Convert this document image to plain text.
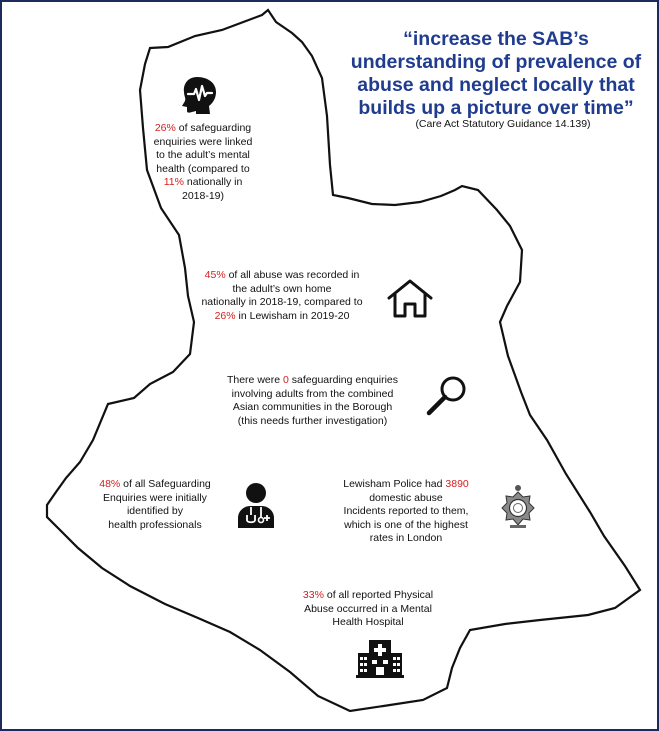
“increase the SAB’s
understanding of prevalence of
abuse and neglect locally that
builds up a picture over time”
(Care Act Statutory Guidance 14.139)
26% of safeguarding
enquiries were linked
to the adult’s mental
health (compared to
11% nationally in
2018-19)
45% of all abuse was recorded in
the adult’s own home
nationally in 2018-19, compared to
26% in Lewisham in 2019-20
There were 0 safeguarding enquiries
involving adults from the combined
Asian communities in the Borough
(this needs further investigation)
48% of all Safeguarding
Enquiries were initially
identified by
health professionals
Lewisham Police had 3890
domestic abuse
Incidents reported to them,
which is one of the highest
rates in London
33% of all reported Physical
Abuse occurred in a Mental
Health Hospital
